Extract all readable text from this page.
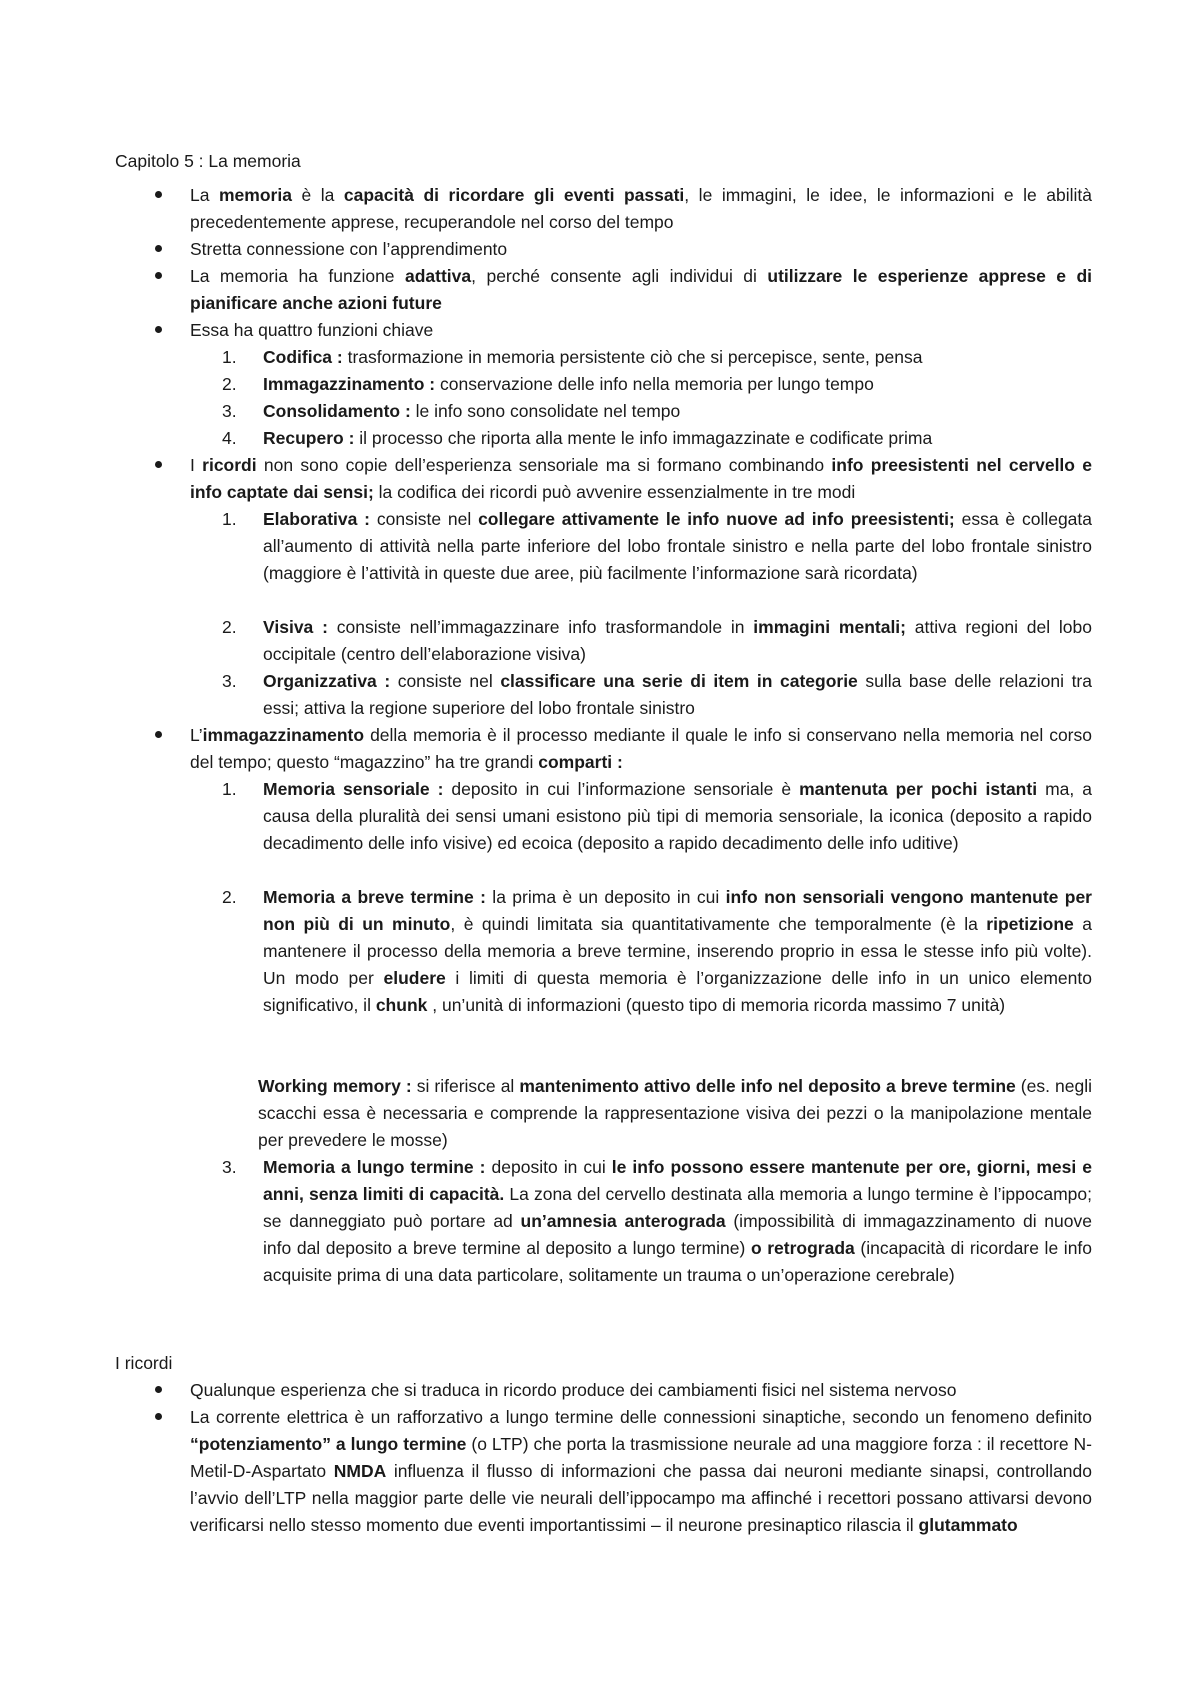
Capitolo 5 : La memoria

La memoria è la capacità di ricordare gli eventi passati, le immagini, le idee, le informazioni e le abilità precedentemente apprese, recuperandole nel corso del tempo

Stretta connessione con l’apprendimento

La memoria ha funzione adattiva, perché consente agli individui di utilizzare le esperienze apprese e di pianificare anche azioni future

Essa ha quattro funzioni chiave

1.	Codifica : trasformazione in memoria persistente ciò che si percepisce, sente, pensa

2.	Immagazzinamento : conservazione delle info nella memoria per lungo tempo

3.	Consolidamento : le info sono consolidate nel tempo

4.	Recupero : il processo che riporta alla mente le info immagazzinate e codificate prima

I ricordi non sono copie dell’esperienza sensoriale ma si formano combinando info preesistenti nel cervello e info captate dai sensi; la codifica dei ricordi può avvenire essenzialmente in tre modi

1.	Elaborativa : consiste nel collegare attivamente le info nuove ad info preesistenti; essa è collegata all’aumento di attività nella parte inferiore del lobo frontale sinistro e nella parte del lobo frontale sinistro (maggiore è l’attività in queste due aree, più facilmente l’informazione sarà ricordata)

2.	Visiva : consiste nell’immagazzinare info trasformandole in immagini mentali; attiva regioni del lobo occipitale (centro dell’elaborazione visiva)

3.	Organizzativa : consiste nel classificare una serie di item in categorie sulla base delle relazioni tra essi; attiva la regione superiore del lobo frontale sinistro

L’immagazzinamento della memoria è il processo mediante il quale le info si conservano nella memoria nel corso del tempo; questo “magazzino” ha tre grandi comparti :

1.	Memoria sensoriale : deposito in cui l’informazione sensoriale è mantenuta per pochi istanti ma, a causa della pluralità dei sensi umani esistono più tipi di memoria sensoriale, la iconica (deposito a rapido decadimento delle info visive) ed ecoica (deposito a rapido decadimento delle info uditive)

2.	Memoria a breve termine : la prima è un deposito in cui info non sensoriali vengono mantenute per non più di un minuto, è quindi limitata sia quantitativamente che temporalmente (è la ripetizione a mantenere il processo della memoria a breve termine, inserendo proprio in essa le stesse info più volte). Un modo per eludere i limiti di questa memoria è l’organizzazione delle info in un unico elemento significativo, il chunk , un’unità di informazioni (questo tipo di memoria ricorda massimo 7 unità)

Working memory : si riferisce al mantenimento attivo delle info nel deposito a breve termine (es. negli scacchi essa è necessaria e comprende la rappresentazione visiva dei pezzi o la manipolazione mentale per prevedere le mosse)

3.	Memoria a lungo termine : deposito in cui le info possono essere mantenute per ore, giorni, mesi e anni, senza limiti di capacità. La zona del cervello destinata alla memoria a lungo termine è l’ippocampo; se danneggiato può portare ad un’amnesia anterograda (impossibilità di immagazzinamento di nuove info dal deposito a breve termine al deposito a lungo termine) o retrograda (incapacità di ricordare le info acquisite prima di una data particolare, solitamente un trauma o un’operazione cerebrale)

I ricordi

Qualunque esperienza che si traduca in ricordo produce dei cambiamenti fisici nel sistema nervoso

La corrente elettrica è un rafforzativo a lungo termine delle connessioni sinaptiche, secondo un fenomeno definito “potenziamento” a lungo termine (o LTP) che porta la trasmissione neurale ad una maggiore forza : il recettore N-Metil-D-Aspartato NMDA influenza il flusso di informazioni che passa dai neuroni mediante sinapsi, controllando l’avvio dell’LTP nella maggior parte delle vie neurali dell’ippocampo ma affinché i recettori possano attivarsi devono verificarsi nello stesso momento due eventi importantissimi – il neurone presinaptico rilascia il glutammato
